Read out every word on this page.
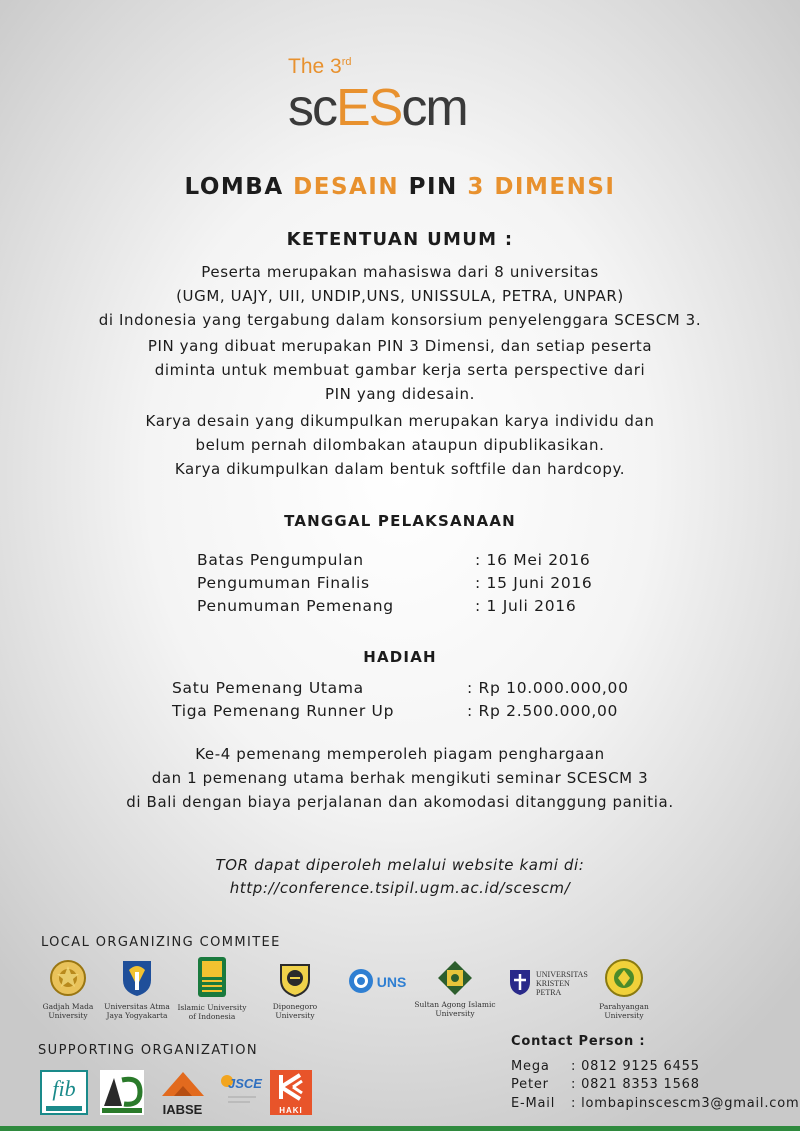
The 3rd
scEScm
LOMBA DESAIN PIN 3 DIMENSI
KETENTUAN UMUM :
Peserta merupakan mahasiswa dari 8 universitas
(UGM, UAJY, UII, UNDIP,UNS, UNISSULA, PETRA, UNPAR)
di Indonesia yang tergabung dalam konsorsium penyelenggara SCESCM 3.
PIN yang dibuat merupakan PIN 3 Dimensi, dan setiap peserta
diminta untuk membuat gambar kerja serta perspective dari
PIN yang didesain.
Karya desain yang dikumpulkan merupakan karya individu dan
belum pernah dilombakan ataupun dipublikasikan.
Karya dikumpulkan dalam bentuk softfile dan hardcopy.
TANGGAL PELAKSANAAN
Batas Pengumpulan	: 16 Mei 2016
Pengumuman Finalis	: 15 Juni 2016
Penumuman Pemenang	: 1 Juli 2016
HADIAH
Satu Pemenang Utama	: Rp 10.000.000,00
Tiga Pemenang Runner Up	: Rp 2.500.000,00
Ke-4 pemenang memperoleh piagam penghargaan
dan 1 pemenang utama berhak mengikuti seminar SCESCM 3
di Bali dengan biaya perjalanan dan akomodasi ditanggung panitia.
TOR dapat diperoleh melalui website kami di:
http://conference.tsipil.ugm.ac.id/scescm/
LOCAL ORGANIZING COMMITEE
Gadjah Mada University
Universitas Atma Jaya Yogyakarta
Islamic University of Indonesia
Diponegoro University
UNS
Sultan Agong Islamic University
UNIVERSITAS KRISTEN PETRA
Parahyangan University
SUPPORTING ORGANIZATION
fib
IABSE
JSCE
HAKI
Contact Person :
Mega : 0812 9125 6455
Peter : 0821 8353 1568
E-Mail : lombapinscescm3@gmail.com
